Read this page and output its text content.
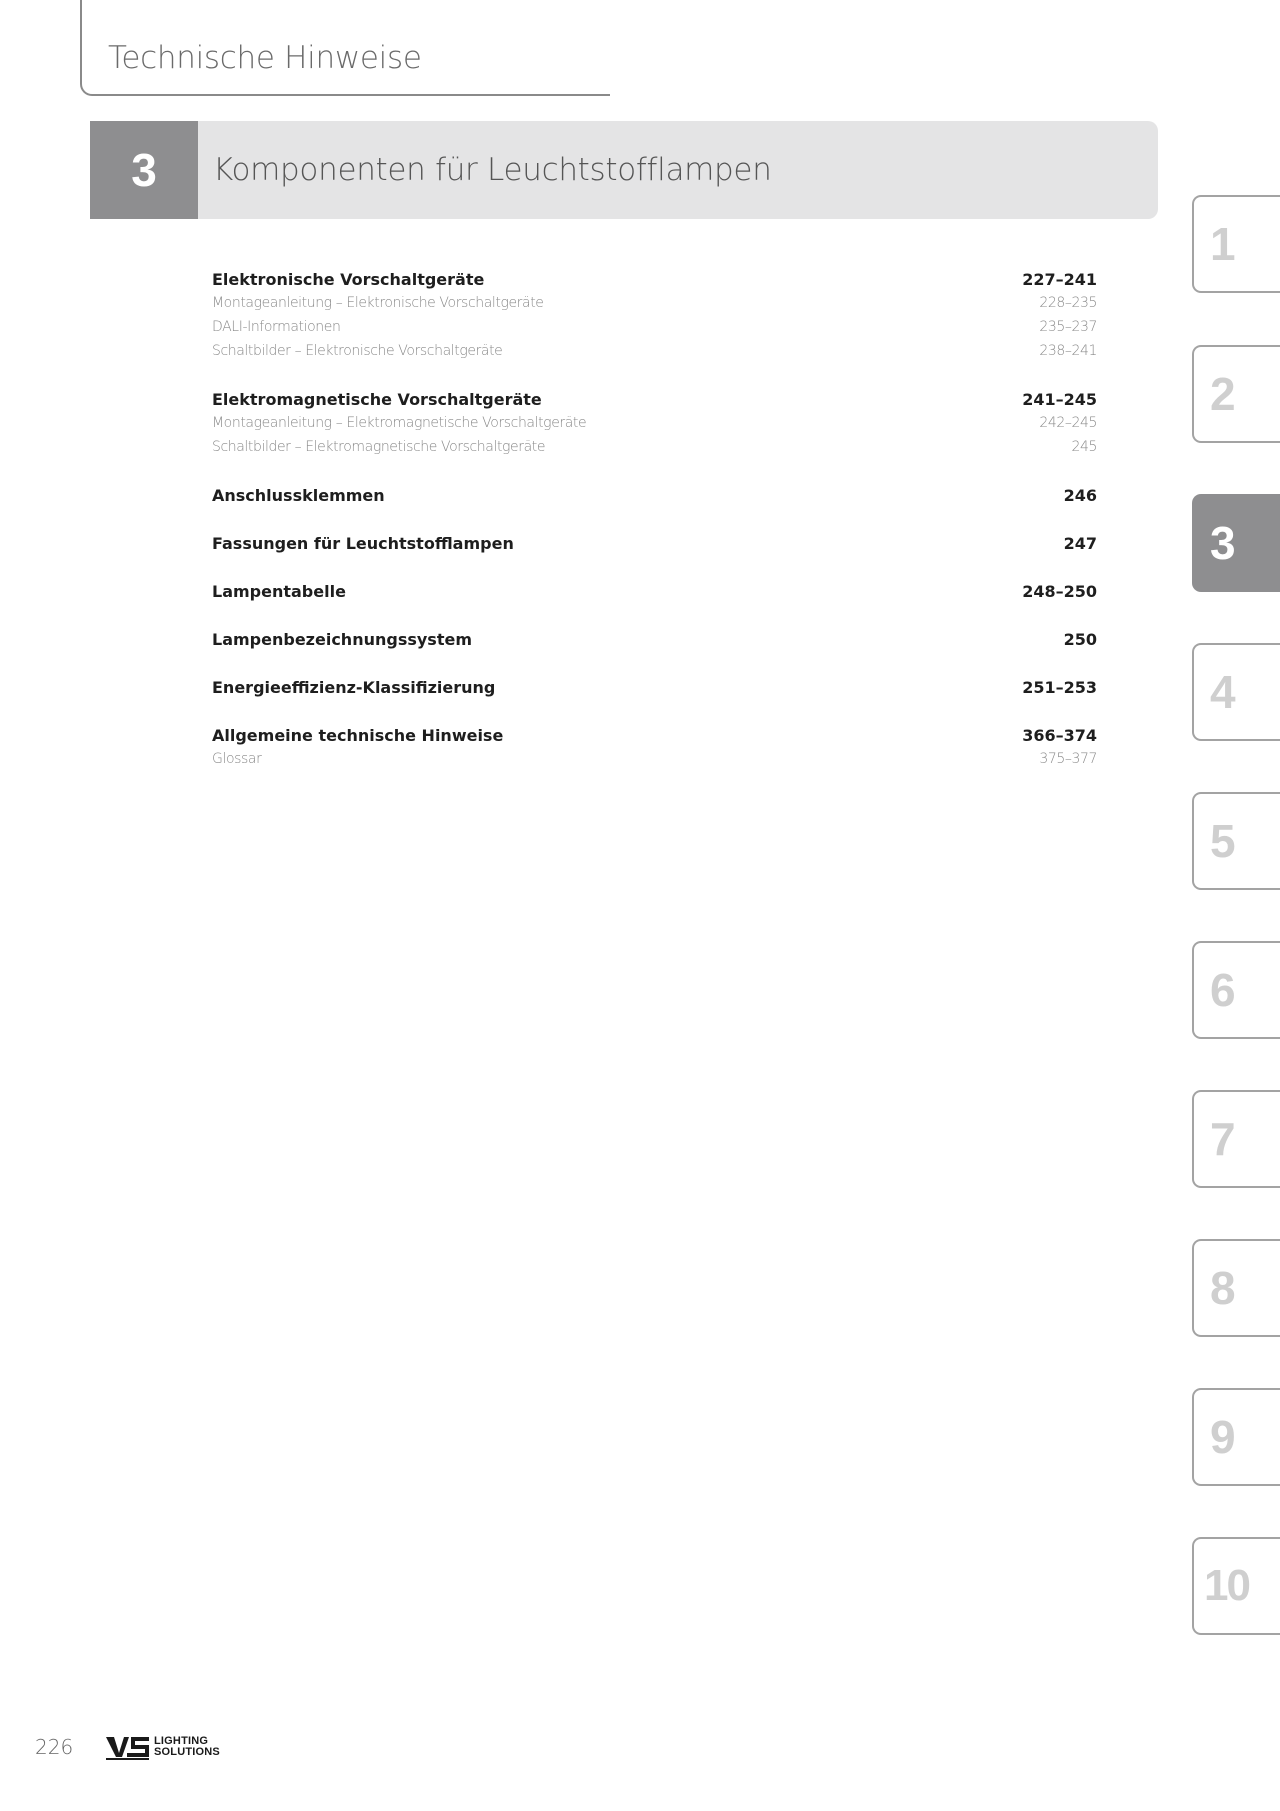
Technische Hinweise
3	Komponenten für Leuchtstofflampen
Elektronische Vorschaltgeräte	227–241
Montageanleitung – Elektronische Vorschaltgeräte	228–235
DALI-Informationen	235–237
Schaltbilder – Elektronische Vorschaltgeräte	238–241
Elektromagnetische Vorschaltgeräte	241–245
Montageanleitung – Elektromagnetische Vorschaltgeräte	242–245
Schaltbilder – Elektromagnetische Vorschaltgeräte	245
Anschlussklemmen	246
Fassungen für Leuchtstofflampen	247
Lampentabelle	248–250
Lampenbezeichnungssystem	250
Energieeffizienz-Klassifizierung	251–253
Allgemeine technische Hinweise	366–374
Glossar	375–377
1
2
3
4
5
6
7
8
9
10
226	LIGHTING
SOLUTIONS
